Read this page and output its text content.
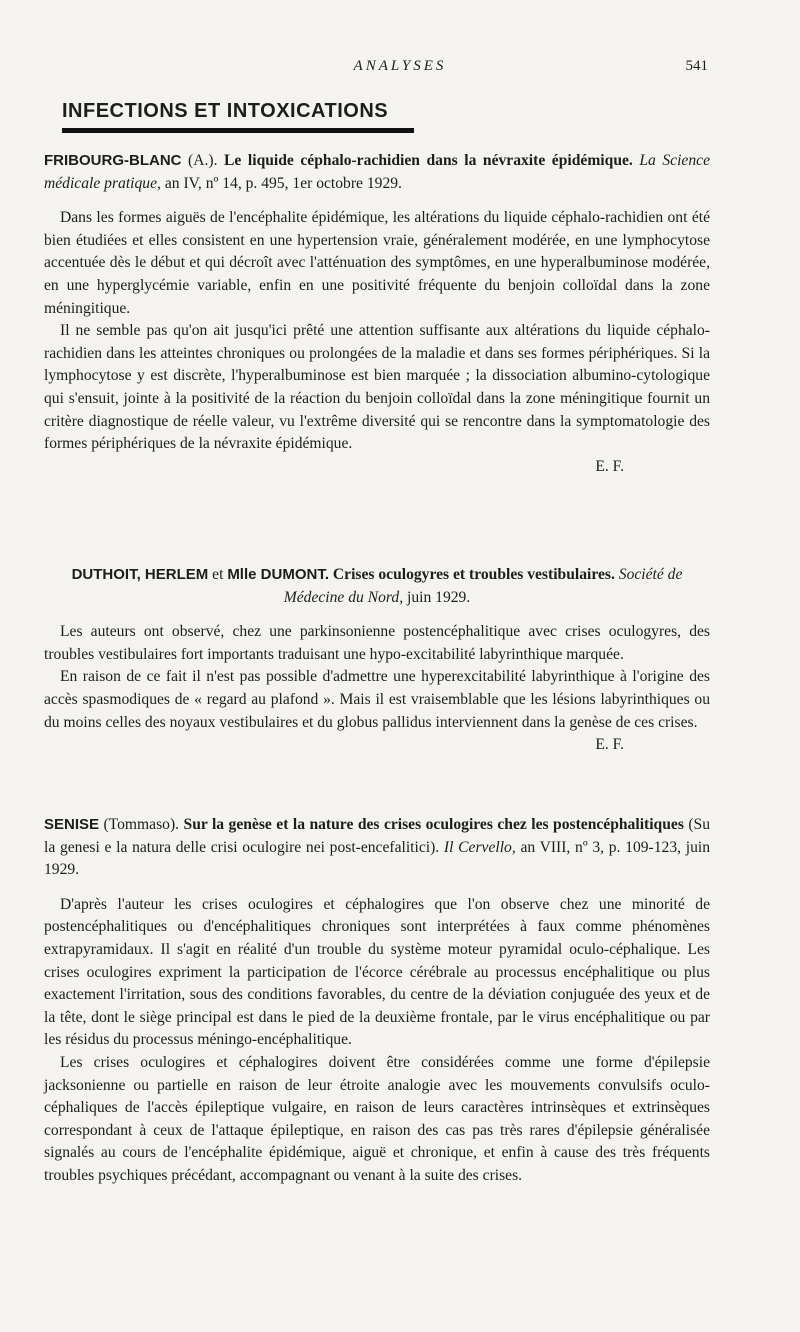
ANALYSES	541
INFECTIONS ET INTOXICATIONS

FRIBOURG-BLANC (A.). Le liquide céphalo-rachidien dans la névraxite épidémique. La Science médicale pratique, an IV, nº 14, p. 495, 1er octobre 1929.

Dans les formes aiguës de l'encéphalite épidémique, les altérations du liquide céphalo-rachidien ont été bien étudiées et elles consistent en une hypertension vraie, généralement modérée, en une lymphocytose accentuée dès le début et qui décroît avec l'atténuation des symptômes, en une hyperalbuminose modérée, en une hyperglycémie variable, enfin en une positivité fréquente du benjoin colloïdal dans la zone méningitique.

Il ne semble pas qu'on ait jusqu'ici prêté une attention suffisante aux altérations du liquide céphalo-rachidien dans les atteintes chroniques ou prolongées de la maladie et dans ses formes périphériques. Si la lymphocytose y est discrète, l'hyperalbuminose est bien marquée ; la dissociation albumino-cytologique qui s'ensuit, jointe à la positivité de la réaction du benjoin colloïdal dans la zone méningitique fournit un critère diagnostique de réelle valeur, vu l'extrême diversité qui se rencontre dans la symptomatologie des formes périphériques de la névraxite épidémique.

E. F.

DUTHOIT, HERLEM et Mlle DUMONT. Crises oculogyres et troubles vestibulaires. Société de Médecine du Nord, juin 1929.

Les auteurs ont observé, chez une parkinsonienne postencéphalitique avec crises oculogyres, des troubles vestibulaires fort importants traduisant une hypo-excitabilité labyrinthique marquée.

En raison de ce fait il n'est pas possible d'admettre une hyperexcitabilité labyrinthique à l'origine des accès spasmodiques de « regard au plafond ». Mais il est vraisemblable que les lésions labyrinthiques ou du moins celles des noyaux vestibulaires et du globus pallidus interviennent dans la genèse de ces crises.
E. F.

SENISE (Tommaso). Sur la genèse et la nature des crises oculogires chez les postencéphalitiques (Su la genesi e la natura delle crisi oculogire nei post-encefalitici). Il Cervello, an VIII, nº 3, p. 109-123, juin 1929.

D'après l'auteur les crises oculogires et céphalogires que l'on observe chez une minorité de postencéphalitiques ou d'encéphalitiques chroniques sont interprétées à faux comme phénomènes extrapyramidaux. Il s'agit en réalité d'un trouble du système moteur pyramidal oculo-céphalique. Les crises oculogires expriment la participation de l'écorce cérébrale au processus encéphalitique ou plus exactement l'irritation, sous des conditions favorables, du centre de la déviation conjuguée des yeux et de la tête, dont le siège principal est dans le pied de la deuxième frontale, par le virus encéphalitique ou par les résidus du processus méningo-encéphalitique.

Les crises oculogires et céphalogires doivent être considérées comme une forme d'épilepsie jacksonienne ou partielle en raison de leur étroite analogie avec les mouvements convulsifs oculo-céphaliques de l'accès épileptique vulgaire, en raison de leurs caractères intrinsèques et extrinsèques correspondant à ceux de l'attaque épileptique, en raison des cas pas très rares d'épilepsie généralisée signalés au cours de l'encéphalite épidémique, aiguë et chronique, et enfin à cause des très fréquents troubles psychiques précédant, accompagnant ou venant à la suite des crises.
